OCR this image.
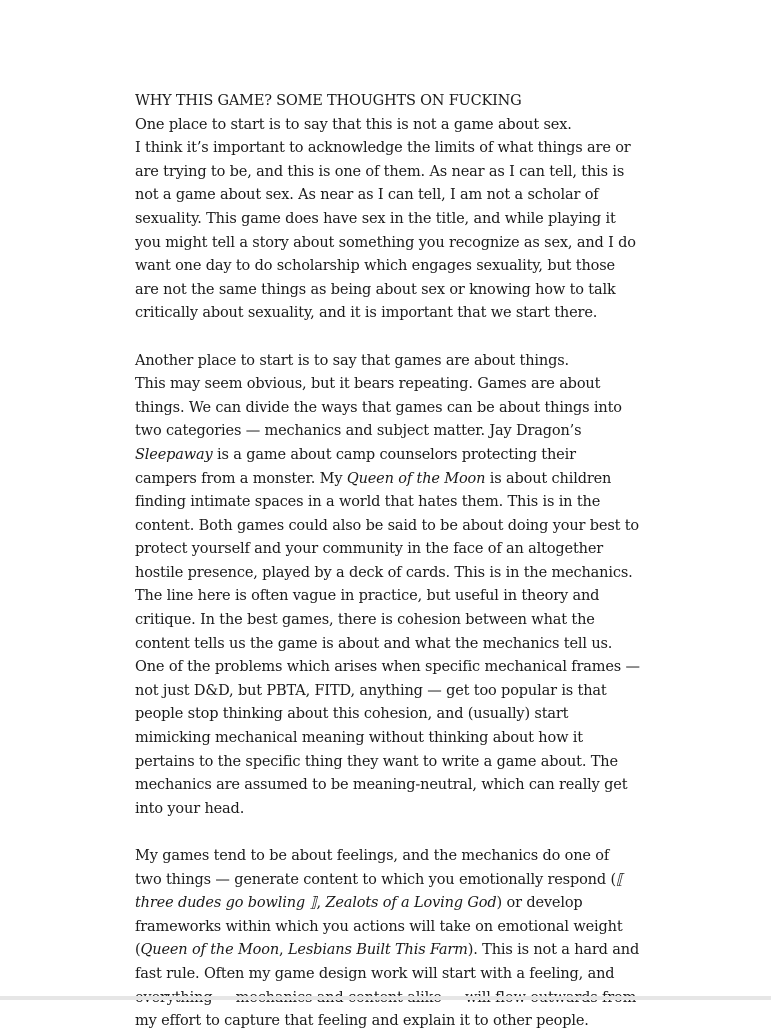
WHY THIS GAME? SOME THOUGHTS ON FUCKING

One place to start is to say that this is not a game about sex.

I think it’s important to acknowledge the limits of what things are or are trying to be, and this is one of them. As near as I can tell, this is not a game about sex. As near as I can tell, I am not a scholar of sexuality. This game does have sex in the title, and while playing it you might tell a story about something you recognize as sex, and I do want one day to do scholarship which engages sexuality, but those are not the same things as being about sex or knowing how to talk critically about sexuality, and it is important that we start there.

Another place to start is to say that games are about things.

This may seem obvious, but it bears repeating. Games are about things. We can divide the ways that games can be about things into two categories — mechanics and subject matter. Jay Dragon’s Sleepaway is a game about camp counselors protecting their campers from a monster. My Queen of the Moon is about children finding intimate spaces in a world that hates them. This is in the content. Both games could also be said to be about doing your best to protect yourself and your community in the face of an altogether hostile presence, played by a deck of cards. This is in the mechanics. The line here is often vague in practice, but useful in theory and critique. In the best games, there is cohesion between what the content tells us the game is about and what the mechanics tell us. One of the problems which arises when specific mechanical frames — not just D&D, but PBTA, FITD, anything — get too popular is that people stop thinking about this cohesion, and (usually) start mimicking mechanical meaning without thinking about how it pertains to the specific thing they want to write a game about. The mechanics are assumed to be meaning-neutral, which can really get into your head.

My games tend to be about feelings, and the mechanics do one of two things — generate content to which you emotionally respond (⟦ three dudes go bowling ⟧, Zealots of a Loving God) or develop frameworks within which you actions will take on emotional weight (Queen of the Moon, Lesbians Built This Farm). This is not a hard and fast rule. Often my game design work will start with a feeling, and my effort to capture that feeling and explain it to other people.
